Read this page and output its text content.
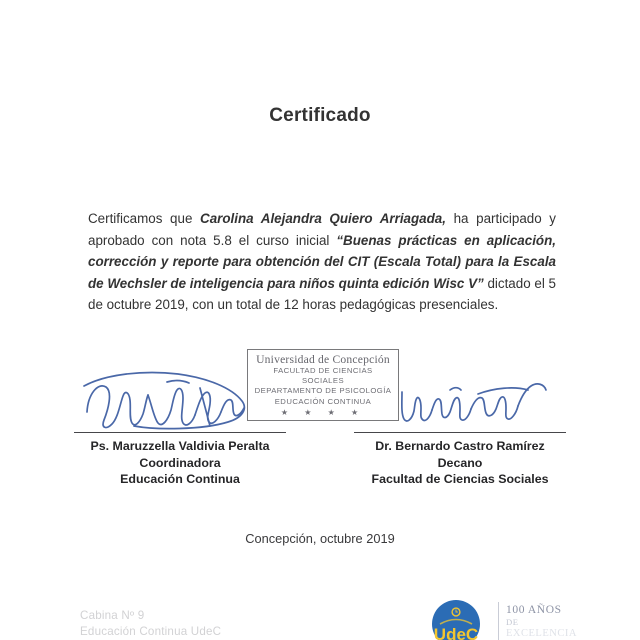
Certificado
Certificamos que Carolina Alejandra Quiero Arriagada, ha participado y aprobado con nota 5.8 el curso inicial “Buenas prácticas en aplicación, corrección y reporte para obtención del CIT (Escala Total) para la Escala de Wechsler de inteligencia para niños quinta edición Wisc V” dictado el 5 de octubre 2019, con un total de 12 horas pedagógicas presenciales.
Universidad de Concepción
FACULTAD DE CIENCIAS SOCIALES
DEPARTAMENTO DE PSICOLOGÍA
EDUCACIÓN CONTINUA
★ ★ ★ ★
Ps. Maruzzella Valdivia Peralta
Coordinadora
Educación Continua
Dr. Bernardo Castro Ramírez
Decano
Facultad de Ciencias Sociales
Concepción, octubre 2019
Cabina Nº 9
Educación Continua UdeC	UdeC
100 AÑOS
DE
EXCELENCIA
